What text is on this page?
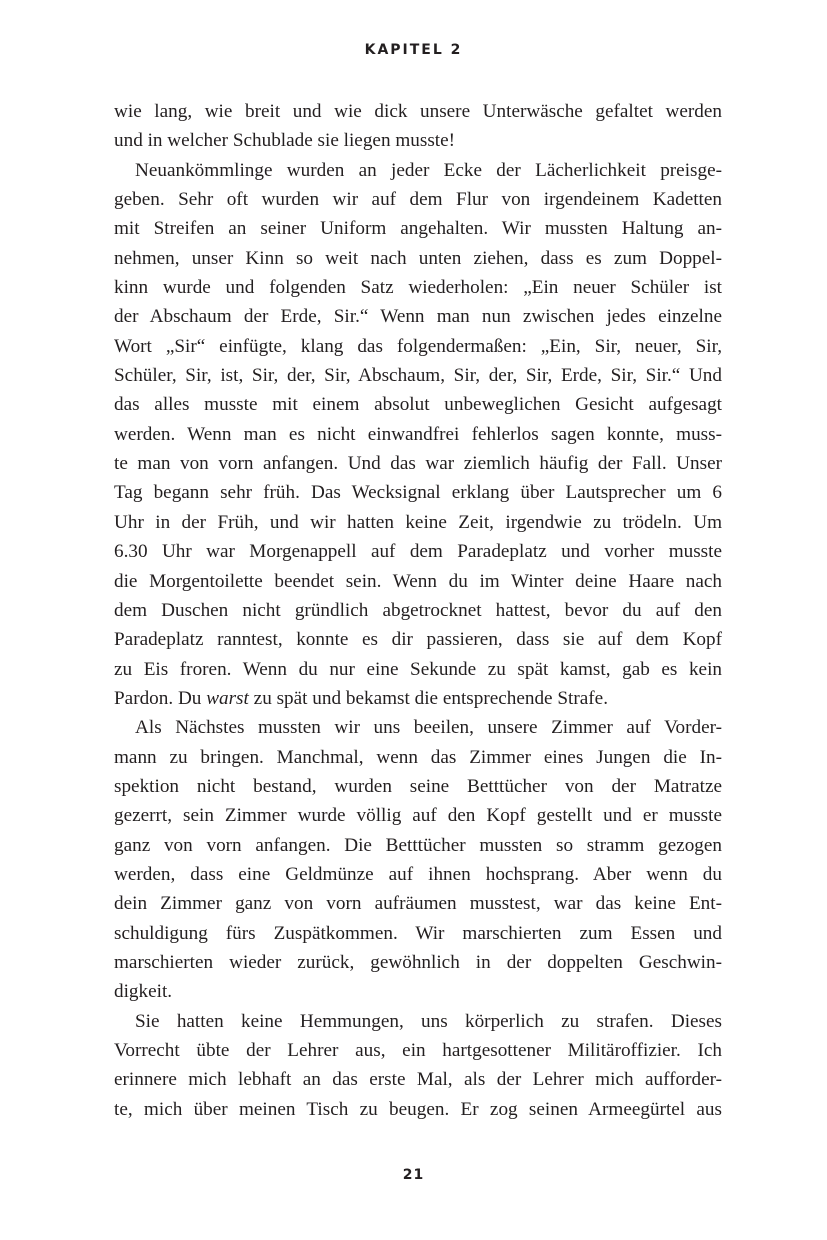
KAPITEL 2
wie lang, wie breit und wie dick unsere Unterwäsche gefaltet werden
und in welcher Schublade sie liegen musste!
Neuankömmlinge wurden an jeder Ecke der Lächerlichkeit preisge-
geben. Sehr oft wurden wir auf dem Flur von irgendeinem Kadetten
mit Streifen an seiner Uniform angehalten. Wir mussten Haltung an-
nehmen, unser Kinn so weit nach unten ziehen, dass es zum Doppel-
kinn wurde und folgenden Satz wiederholen: „Ein neuer Schüler ist
der Abschaum der Erde, Sir.“ Wenn man nun zwischen jedes einzelne
Wort „Sir“ einfügte, klang das folgendermaßen: „Ein, Sir, neuer, Sir,
Schüler, Sir, ist, Sir, der, Sir, Abschaum, Sir, der, Sir, Erde, Sir, Sir.“ Und
das alles musste mit einem absolut unbeweglichen Gesicht aufgesagt
werden. Wenn man es nicht einwandfrei fehlerlos sagen konnte, muss-
te man von vorn anfangen. Und das war ziemlich häufig der Fall. Unser
Tag begann sehr früh. Das Wecksignal erklang über Lautsprecher um 6
Uhr in der Früh, und wir hatten keine Zeit, irgendwie zu trödeln. Um
6.30 Uhr war Morgenappell auf dem Paradeplatz und vorher musste
die Morgentoilette beendet sein. Wenn du im Winter deine Haare nach
dem Duschen nicht gründlich abgetrocknet hattest, bevor du auf den
Paradeplatz ranntest, konnte es dir passieren, dass sie auf dem Kopf
zu Eis froren. Wenn du nur eine Sekunde zu spät kamst, gab es kein
Pardon. Du warst zu spät und bekamst die entsprechende Strafe.
Als Nächstes mussten wir uns beeilen, unsere Zimmer auf Vorder-
mann zu bringen. Manchmal, wenn das Zimmer eines Jungen die In-
spektion nicht bestand, wurden seine Betttücher von der Matratze
gezerrt, sein Zimmer wurde völlig auf den Kopf gestellt und er musste
ganz von vorn anfangen. Die Betttücher mussten so stramm gezogen
werden, dass eine Geldmünze auf ihnen hochsprang. Aber wenn du
dein Zimmer ganz von vorn aufräumen musstest, war das keine Ent-
schuldigung fürs Zuspätkommen. Wir marschierten zum Essen und
marschierten wieder zurück, gewöhnlich in der doppelten Geschwin-
digkeit.
Sie hatten keine Hemmungen, uns körperlich zu strafen. Dieses
Vorrecht übte der Lehrer aus, ein hartgesottener Militäroffizier. Ich
erinnere mich lebhaft an das erste Mal, als der Lehrer mich aufforder-
te, mich über meinen Tisch zu beugen. Er zog seinen Armeegürtel aus
21
